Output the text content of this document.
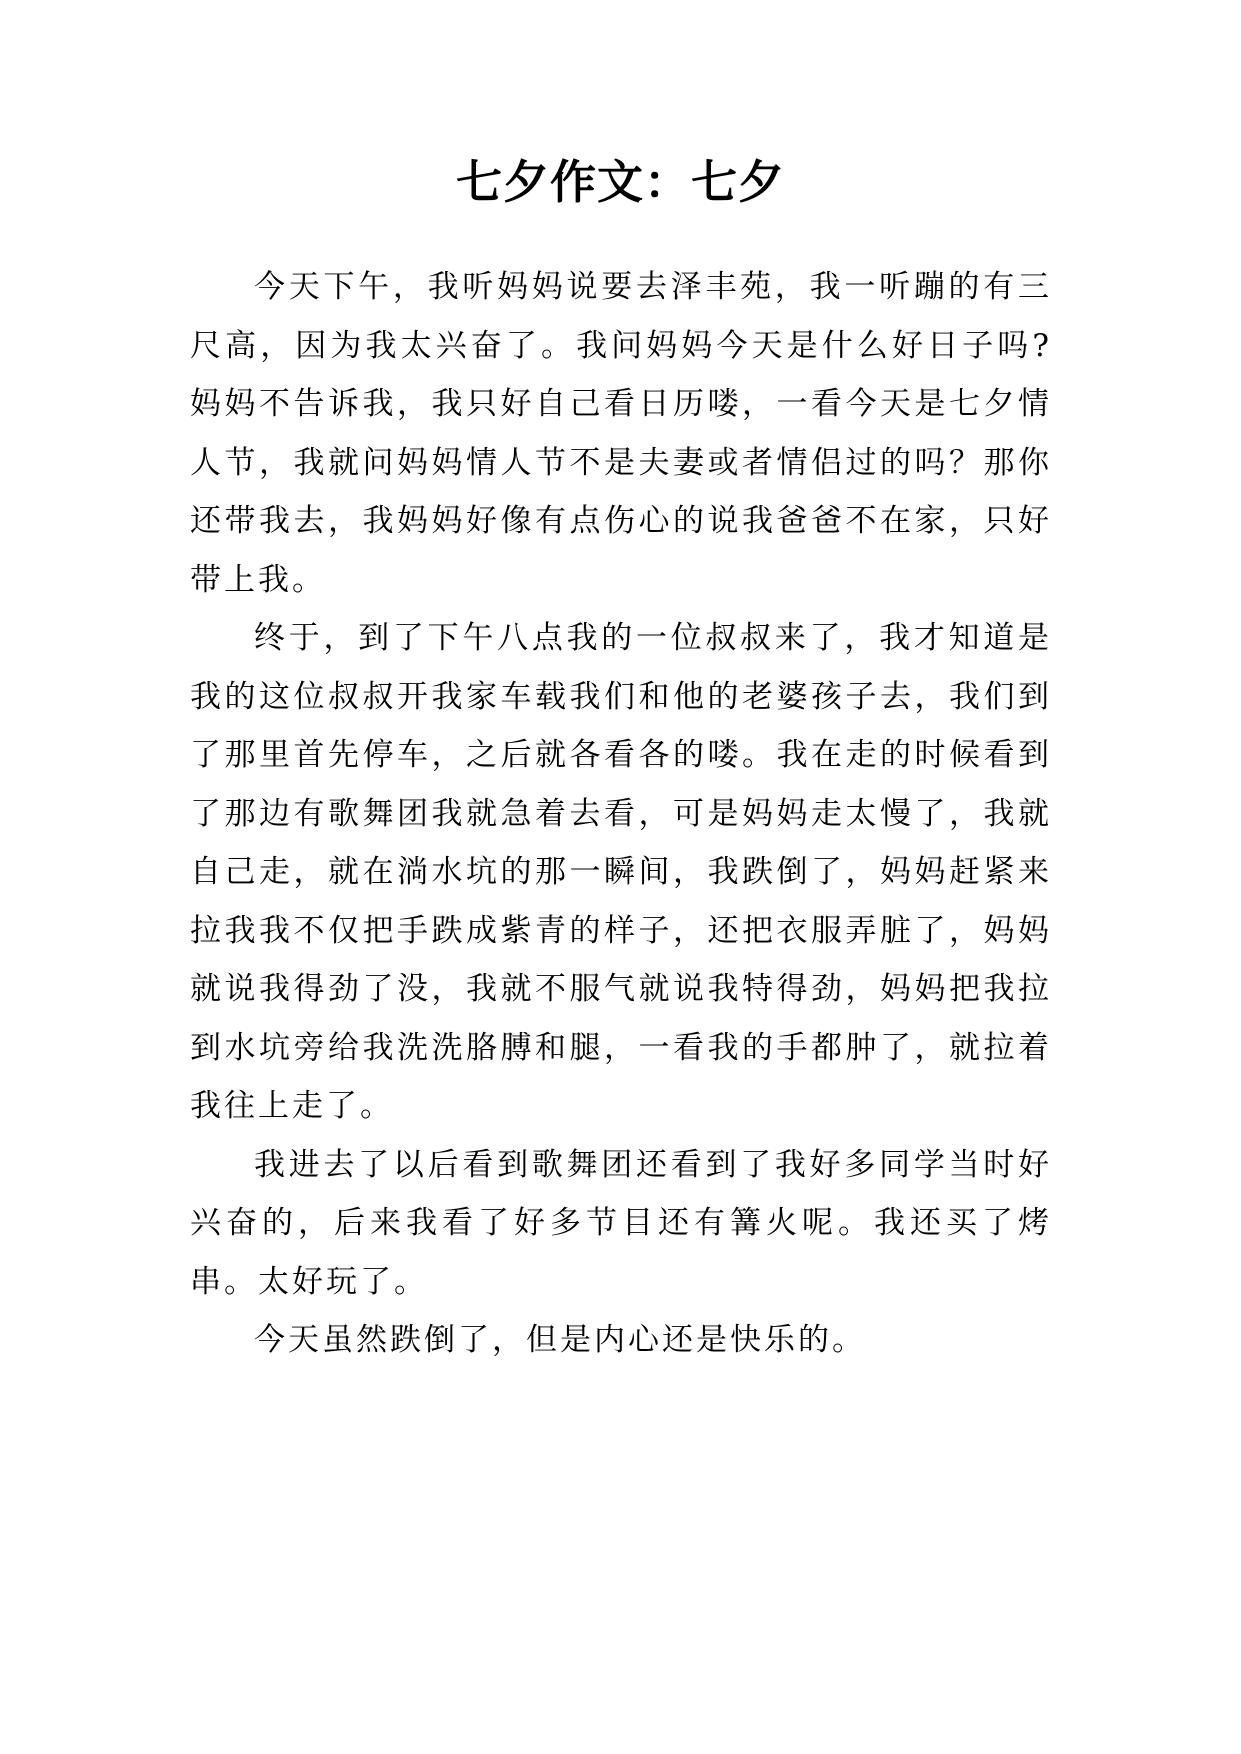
七夕作文：七夕

今天下午，我听妈妈说要去泽丰苑，我一听蹦的有三尺高，因为我太兴奋了。我问妈妈今天是什么好日子吗?妈妈不告诉我，我只好自己看日历喽，一看今天是七夕情人节，我就问妈妈情人节不是夫妻或者情侣过的吗？那你还带我去，我妈妈好像有点伤心的说我爸爸不在家，只好带上我。

终于，到了下午八点我的一位叔叔来了，我才知道是我的这位叔叔开我家车载我们和他的老婆孩子去，我们到了那里首先停车，之后就各看各的喽。我在走的时候看到了那边有歌舞团我就急着去看，可是妈妈走太慢了，我就自己走，就在淌水坑的那一瞬间，我跌倒了，妈妈赶紧来拉我我不仅把手跌成紫青的样子，还把衣服弄脏了，妈妈就说我得劲了没，我就不服气就说我特得劲，妈妈把我拉到水坑旁给我洗洗胳膊和腿，一看我的手都肿了，就拉着我往上走了。

我进去了以后看到歌舞团还看到了我好多同学当时好兴奋的，后来我看了好多节目还有篝火呢。我还买了烤串。太好玩了。

今天虽然跌倒了，但是内心还是快乐的。
